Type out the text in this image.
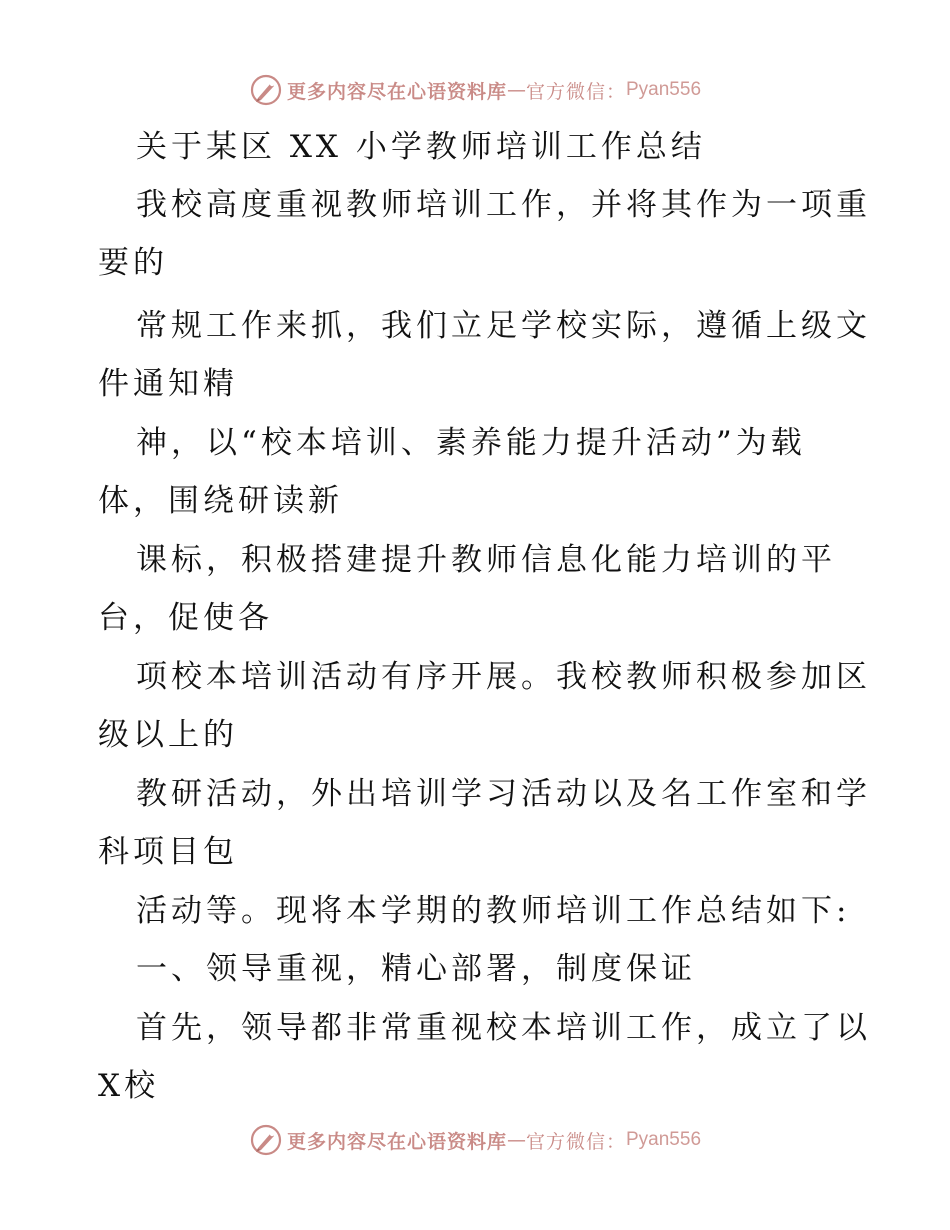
更多内容尽在心语资料库 — 官方微信： Pyan556
关于某区 XX 小学教师培训工作总结
我校高度重视教师培训工作，并将其作为一项重
要的
常规工作来抓，我们立足学校实际，遵循上级文
件通知精
神，以“校本培训、素养能力提升活动”为载
体，围绕研读新
课标，积极搭建提升教师信息化能力培训的平
台，促使各
项校本培训活动有序开展。我校教师积极参加区
级以上的
教研活动，外出培训学习活动以及名工作室和学
科项目包
活动等。现将本学期的教师培训工作总结如下:
一、领导重视，精心部署，制度保证
首先，领导都非常重视校本培训工作，成立了以
X校
更多内容尽在心语资料库 — 官方微信： Pyan556
